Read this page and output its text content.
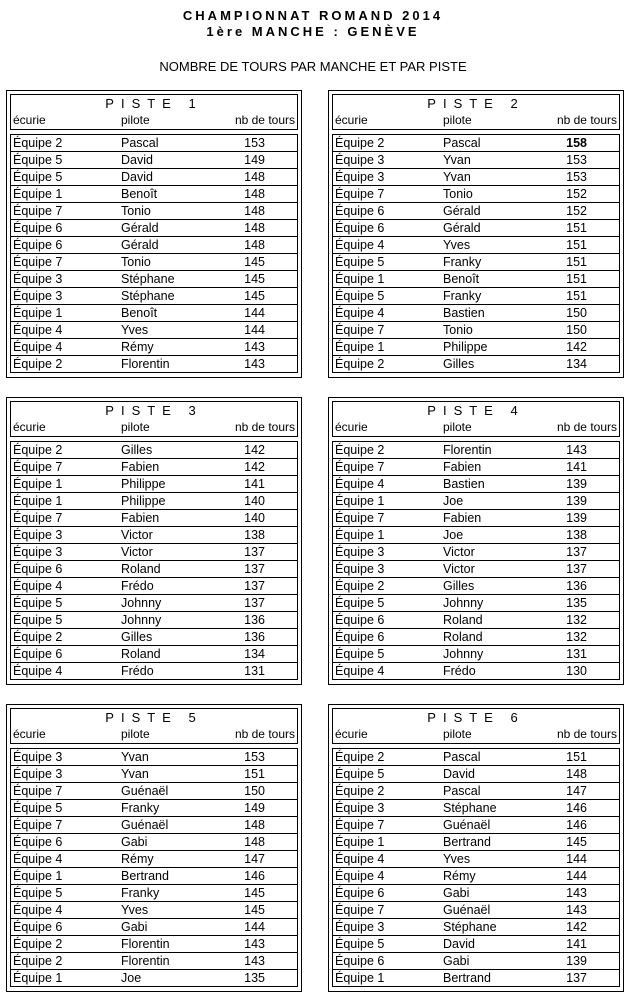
CHAMPIONNAT ROMAND 2014
1ère MANCHE : GENÈVE
NOMBRE DE TOURS PAR MANCHE ET PAR PISTE
PISTE 1
écurie	pilote	nb de tours
Équipe 2	Pascal	153
Équipe 5	David	149
Équipe 5	David	148
Équipe 1	Benoît	148
Équipe 7	Tonio	148
Équipe 6	Gérald	148
Équipe 6	Gérald	148
Équipe 7	Tonio	145
Équipe 3	Stéphane	145
Équipe 3	Stéphane	145
Équipe 1	Benoît	144
Équipe 4	Yves	144
Équipe 4	Rémy	143
Équipe 2	Florentin	143
PISTE 2
écurie	pilote	nb de tours
Équipe 2	Pascal	158
Équipe 3	Yvan	153
Équipe 3	Yvan	153
Équipe 7	Tonio	152
Équipe 6	Gérald	152
Équipe 6	Gérald	151
Équipe 4	Yves	151
Équipe 5	Franky	151
Équipe 1	Benoît	151
Équipe 5	Franky	151
Équipe 4	Bastien	150
Équipe 7	Tonio	150
Équipe 1	Philippe	142
Équipe 2	Gilles	134
PISTE 3
écurie	pilote	nb de tours
Équipe 2	Gilles	142
Équipe 7	Fabien	142
Équipe 1	Philippe	141
Équipe 1	Philippe	140
Équipe 7	Fabien	140
Équipe 3	Victor	138
Équipe 3	Victor	137
Équipe 6	Roland	137
Équipe 4	Frédo	137
Équipe 5	Johnny	137
Équipe 5	Johnny	136
Équipe 2	Gilles	136
Équipe 6	Roland	134
Équipe 4	Frédo	131
PISTE 4
écurie	pilote	nb de tours
Équipe 2	Florentin	143
Équipe 7	Fabien	141
Équipe 4	Bastien	139
Équipe 1	Joe	139
Équipe 7	Fabien	139
Équipe 1	Joe	138
Équipe 3	Victor	137
Équipe 3	Victor	137
Équipe 2	Gilles	136
Équipe 5	Johnny	135
Équipe 6	Roland	132
Équipe 6	Roland	132
Équipe 5	Johnny	131
Équipe 4	Frédo	130
PISTE 5
écurie	pilote	nb de tours
Équipe 3	Yvan	153
Équipe 3	Yvan	151
Équipe 7	Guénaël	150
Équipe 5	Franky	149
Équipe 7	Guénaël	148
Équipe 6	Gabi	148
Équipe 4	Rémy	147
Équipe 1	Bertrand	146
Équipe 5	Franky	145
Équipe 4	Yves	145
Équipe 6	Gabi	144
Équipe 2	Florentin	143
Équipe 2	Florentin	143
Équipe 1	Joe	135
PISTE 6
écurie	pilote	nb de tours
Équipe 2	Pascal	151
Équipe 5	David	148
Équipe 2	Pascal	147
Équipe 3	Stéphane	146
Équipe 7	Guénaël	146
Équipe 1	Bertrand	145
Équipe 4	Yves	144
Équipe 4	Rémy	144
Équipe 6	Gabi	143
Équipe 7	Guénaël	143
Équipe 3	Stéphane	142
Équipe 5	David	141
Équipe 6	Gabi	139
Équipe 1	Bertrand	137
